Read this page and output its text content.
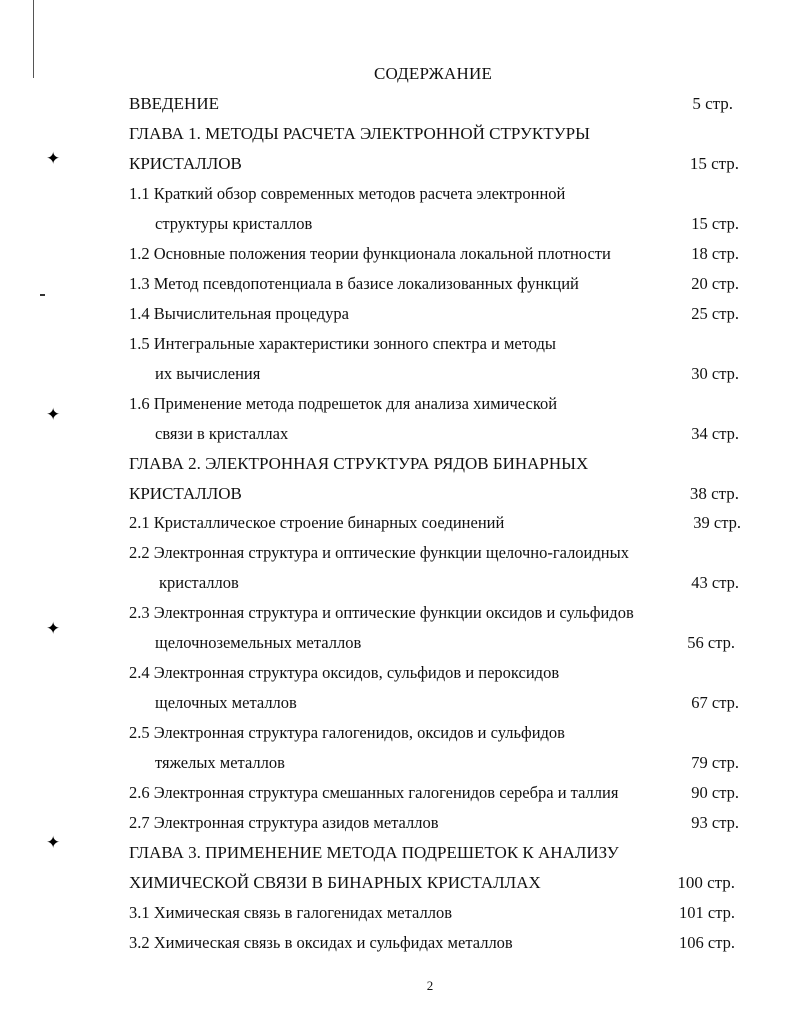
✦
✦
✦
✦
СОДЕРЖАНИЕ
ВВЕДЕНИЕ	5 стр.
ГЛАВА 1. МЕТОДЫ РАСЧЕТА ЭЛЕКТРОННОЙ СТРУКТУРЫ
КРИСТАЛЛОВ	15 стр.
1.1 Краткий обзор современных методов расчета электронной
структуры кристаллов	15 стр.
1.2 Основные положения теории функционала локальной плотности	18 стр.
1.3 Метод псевдопотенциала в базисе локализованных функций	20 стр.
1.4 Вычислительная процедура	25 стр.
1.5 Интегральные характеристики зонного спектра и методы
их вычисления	30 стр.
1.6 Применение метода подрешеток для анализа химической
связи в кристаллах	34 стр.
ГЛАВА 2. ЭЛЕКТРОННАЯ СТРУКТУРА РЯДОВ БИНАРНЫХ
КРИСТАЛЛОВ	38 стр.
2.1 Кристаллическое строение бинарных соединений	39 стр.
2.2 Электронная структура и оптические функции щелочно-галоидных
кристаллов	43 стр.
2.3 Электронная структура и оптические функции оксидов и сульфидов
щелочноземельных металлов	56 стр.
2.4 Электронная структура оксидов, сульфидов и пероксидов
щелочных металлов	67 стр.
2.5 Электронная структура галогенидов, оксидов и сульфидов
тяжелых металлов	79 стр.
2.6 Электронная структура смешанных галогенидов серебра и таллия	90 стр.
2.7 Электронная структура азидов металлов	93 стр.
ГЛАВА 3. ПРИМЕНЕНИЕ МЕТОДА ПОДРЕШЕТОК К АНАЛИЗУ
ХИМИЧЕСКОЙ СВЯЗИ В БИНАРНЫХ КРИСТАЛЛАХ	100 стр.
3.1 Химическая связь в галогенидах металлов	101 стр.
3.2 Химическая связь в оксидах и сульфидах металлов	106 стр.
2
